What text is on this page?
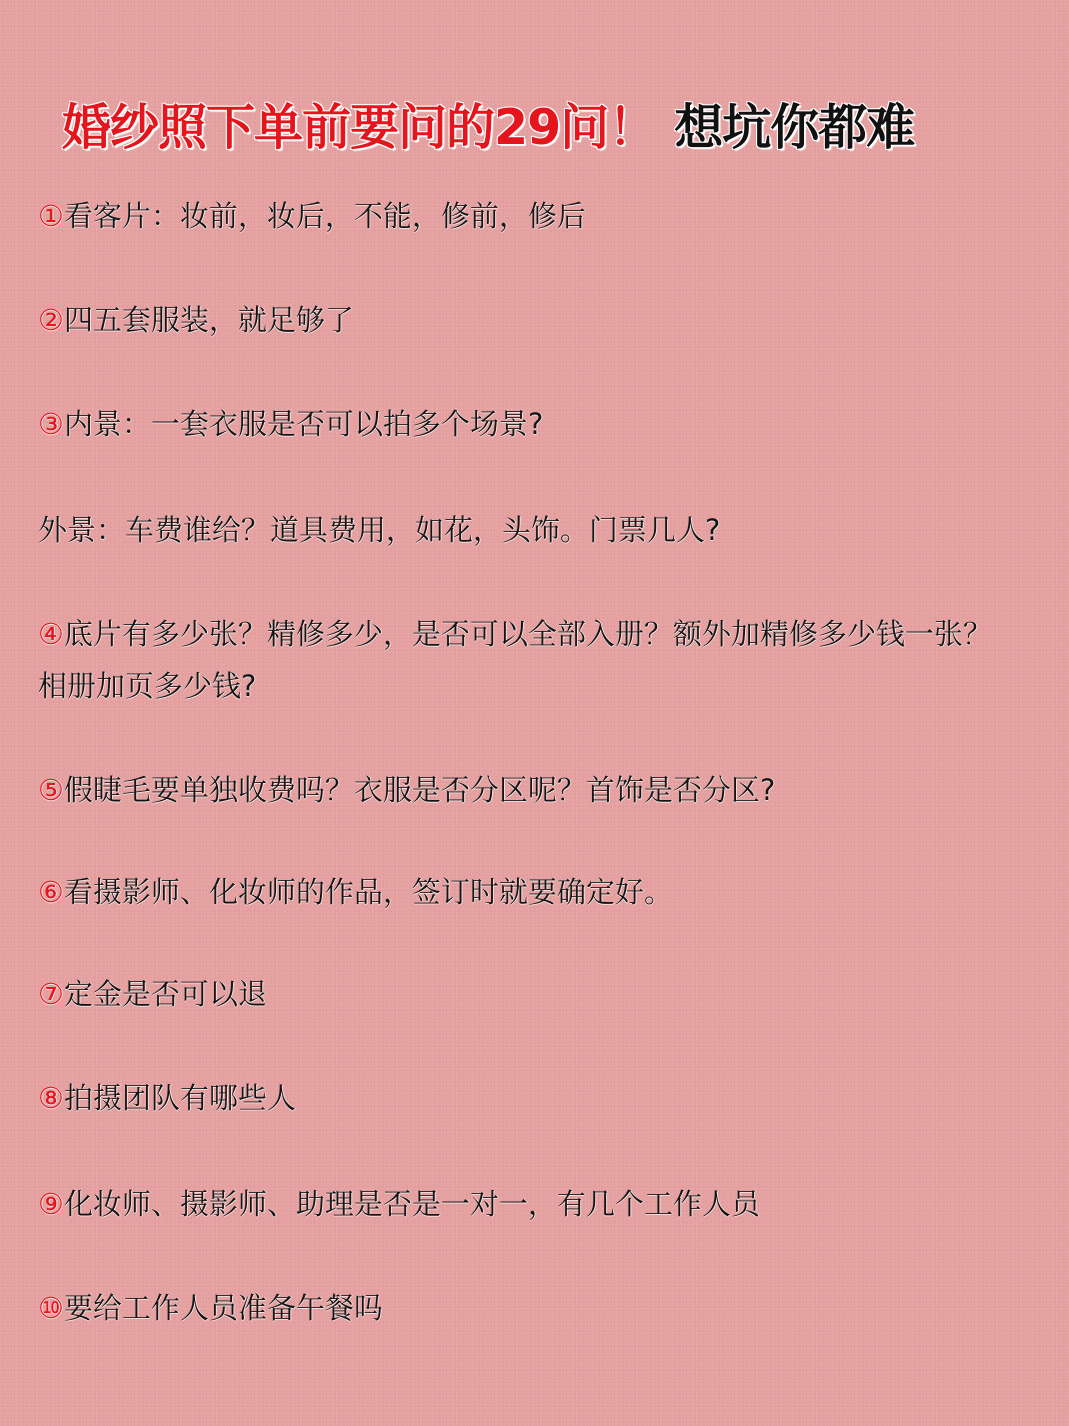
婚纱照下单前要问的29问！ 想坑你都难
①看客片：妆前，妆后，不能，修前，修后
②四五套服装，就足够了
③内景：一套衣服是否可以拍多个场景?
外景：车费谁给？道具费用，如花，头饰。门票几人?
④底片有多少张？精修多少，是否可以全部入册？额外加精修多少钱一张？相册加页多少钱?
⑤假睫毛要单独收费吗？衣服是否分区呢？首饰是否分区?
⑥看摄影师、化妆师的作品，签订时就要确定好。
⑦定金是否可以退
⑧拍摄团队有哪些人
⑨化妆师、摄影师、助理是否是一对一，有几个工作人员
⑩要给工作人员准备午餐吗
